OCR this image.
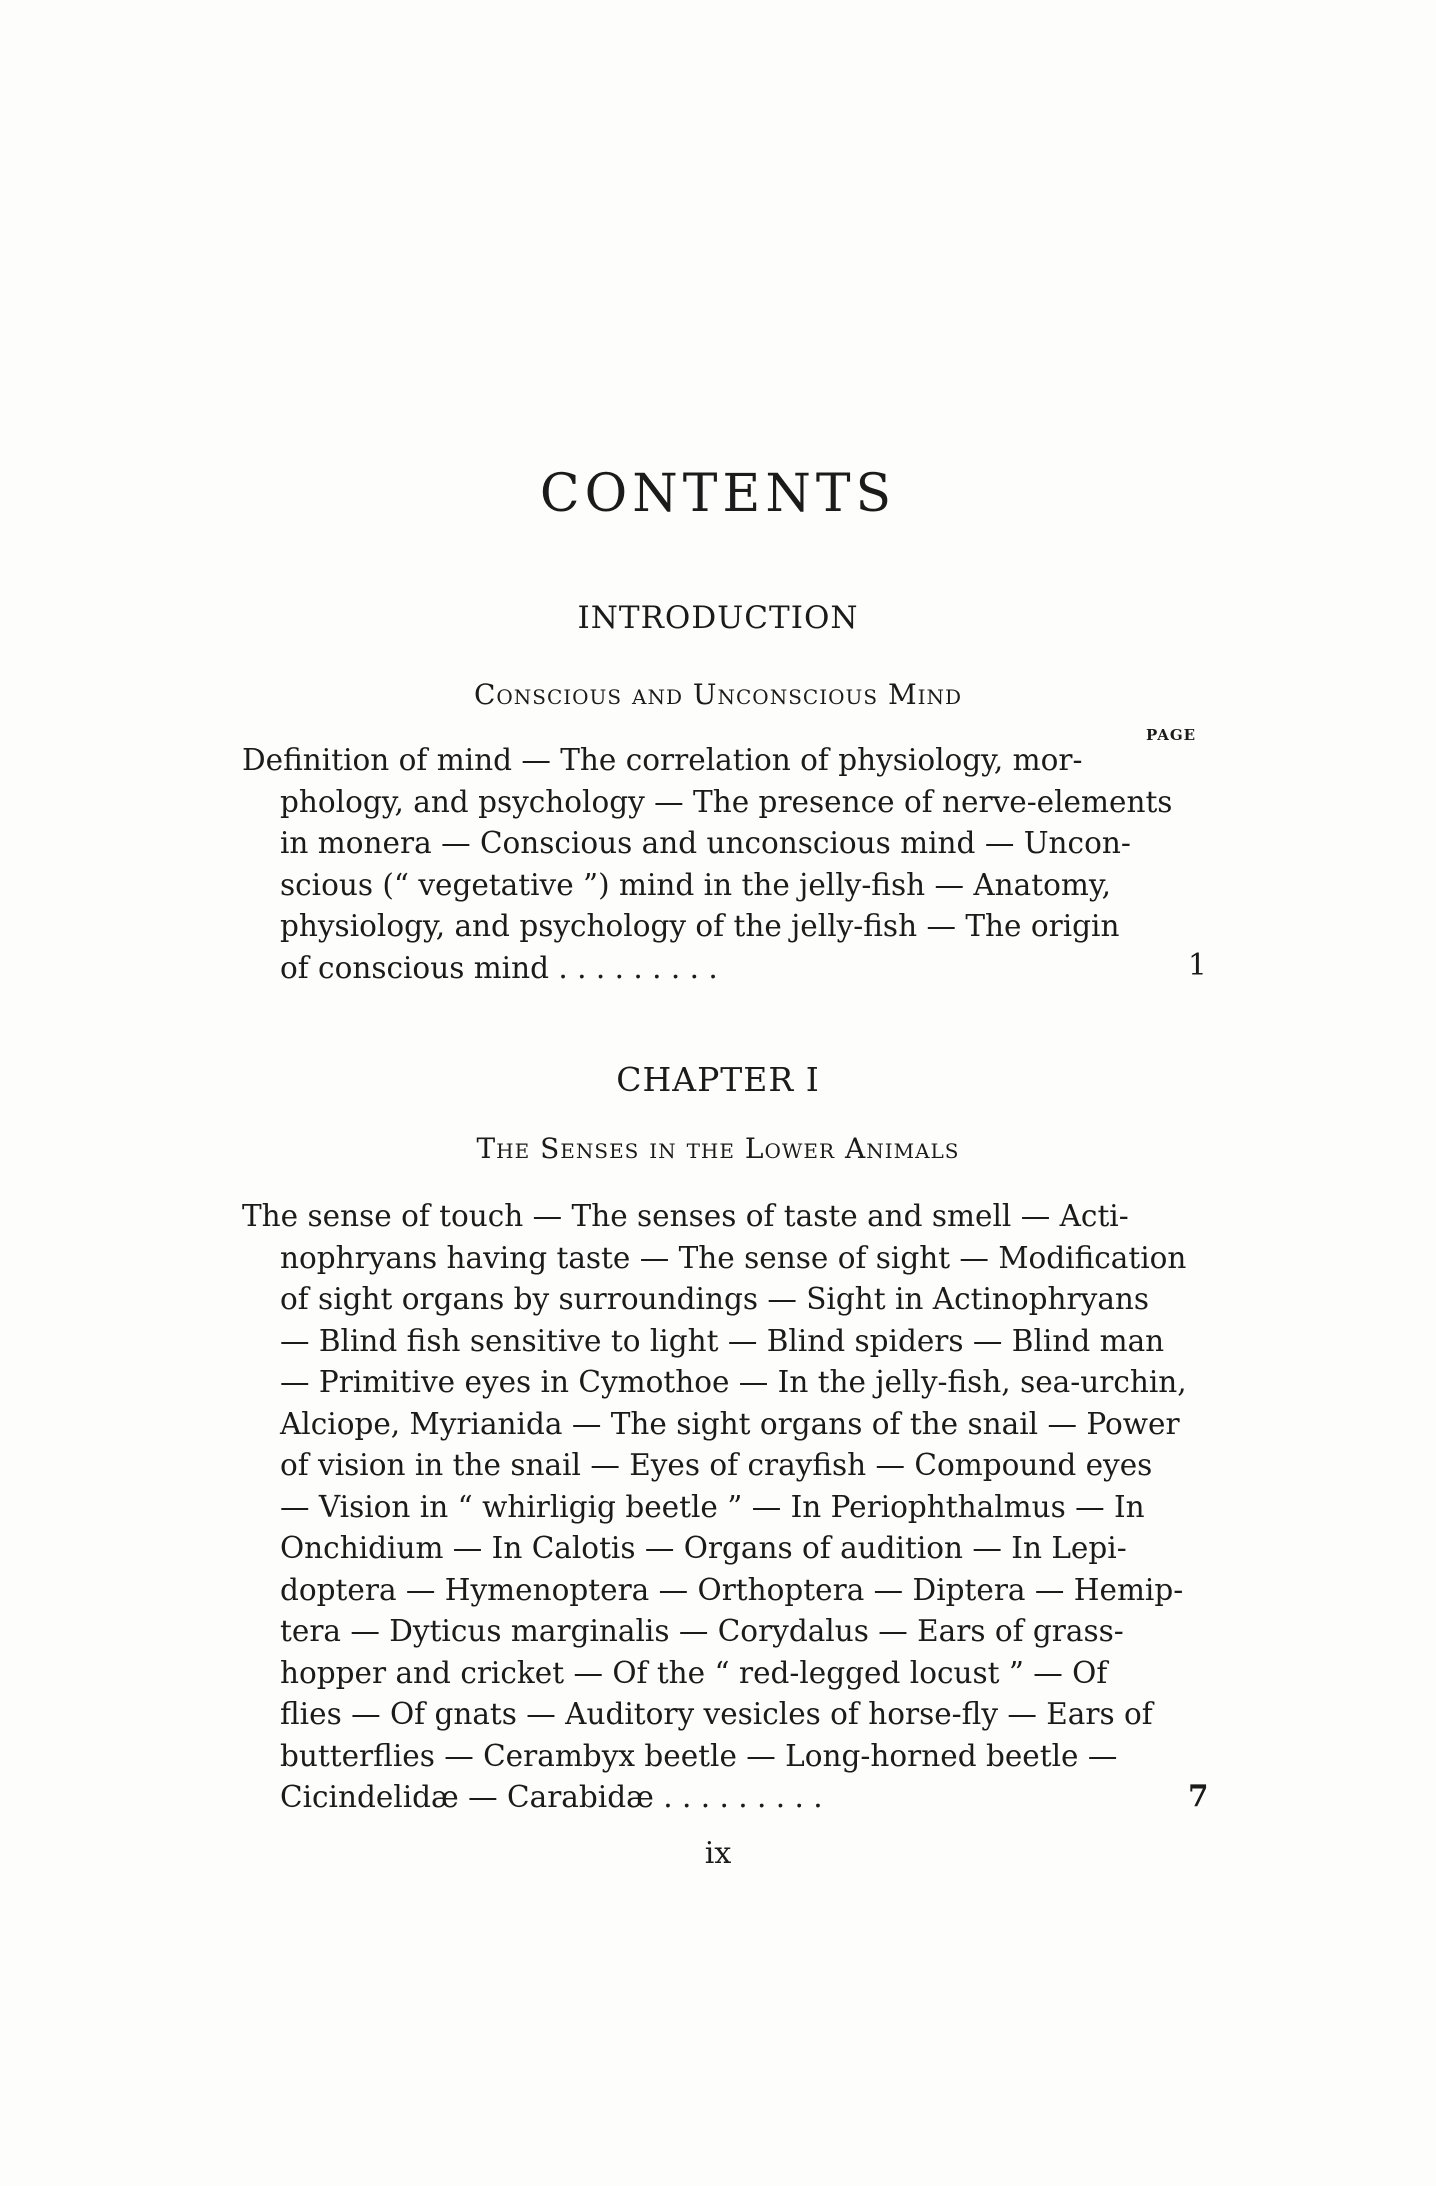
CONTENTS
INTRODUCTION
Conscious and Unconscious Mind
PAGE
Definition of mind — The correlation of physiology, mor-
phology, and psychology — The presence of nerve-elements
in monera — Conscious and unconscious mind — Uncon-
scious (“ vegetative ”) mind in the jelly-fish — Anatomy,
physiology, and psychology of the jelly-fish — The origin
of conscious mind . . . . . . . . .	1
CHAPTER I
The Senses in the Lower Animals
The sense of touch — The senses of taste and smell — Acti-
nophryans having taste — The sense of sight — Modification
of sight organs by surroundings — Sight in Actinophryans
— Blind fish sensitive to light — Blind spiders — Blind man
— Primitive eyes in Cymothoe — In the jelly-fish, sea-urchin,
Alciope, Myrianida — The sight organs of the snail — Power
of vision in the snail — Eyes of crayfish — Compound eyes
— Vision in “ whirligig beetle ” — In Periophthalmus — In
Onchidium — In Calotis — Organs of audition — In Lepi-
doptera — Hymenoptera — Orthoptera — Diptera — Hemip-
tera — Dyticus marginalis — Corydalus — Ears of grass-
hopper and cricket — Of the “ red-legged locust ” — Of
flies — Of gnats — Auditory vesicles of horse-fly — Ears of
butterflies — Cerambyx beetle — Long-horned beetle —
Cicindelidæ — Carabidæ . . . . . . . . .	7
ix
